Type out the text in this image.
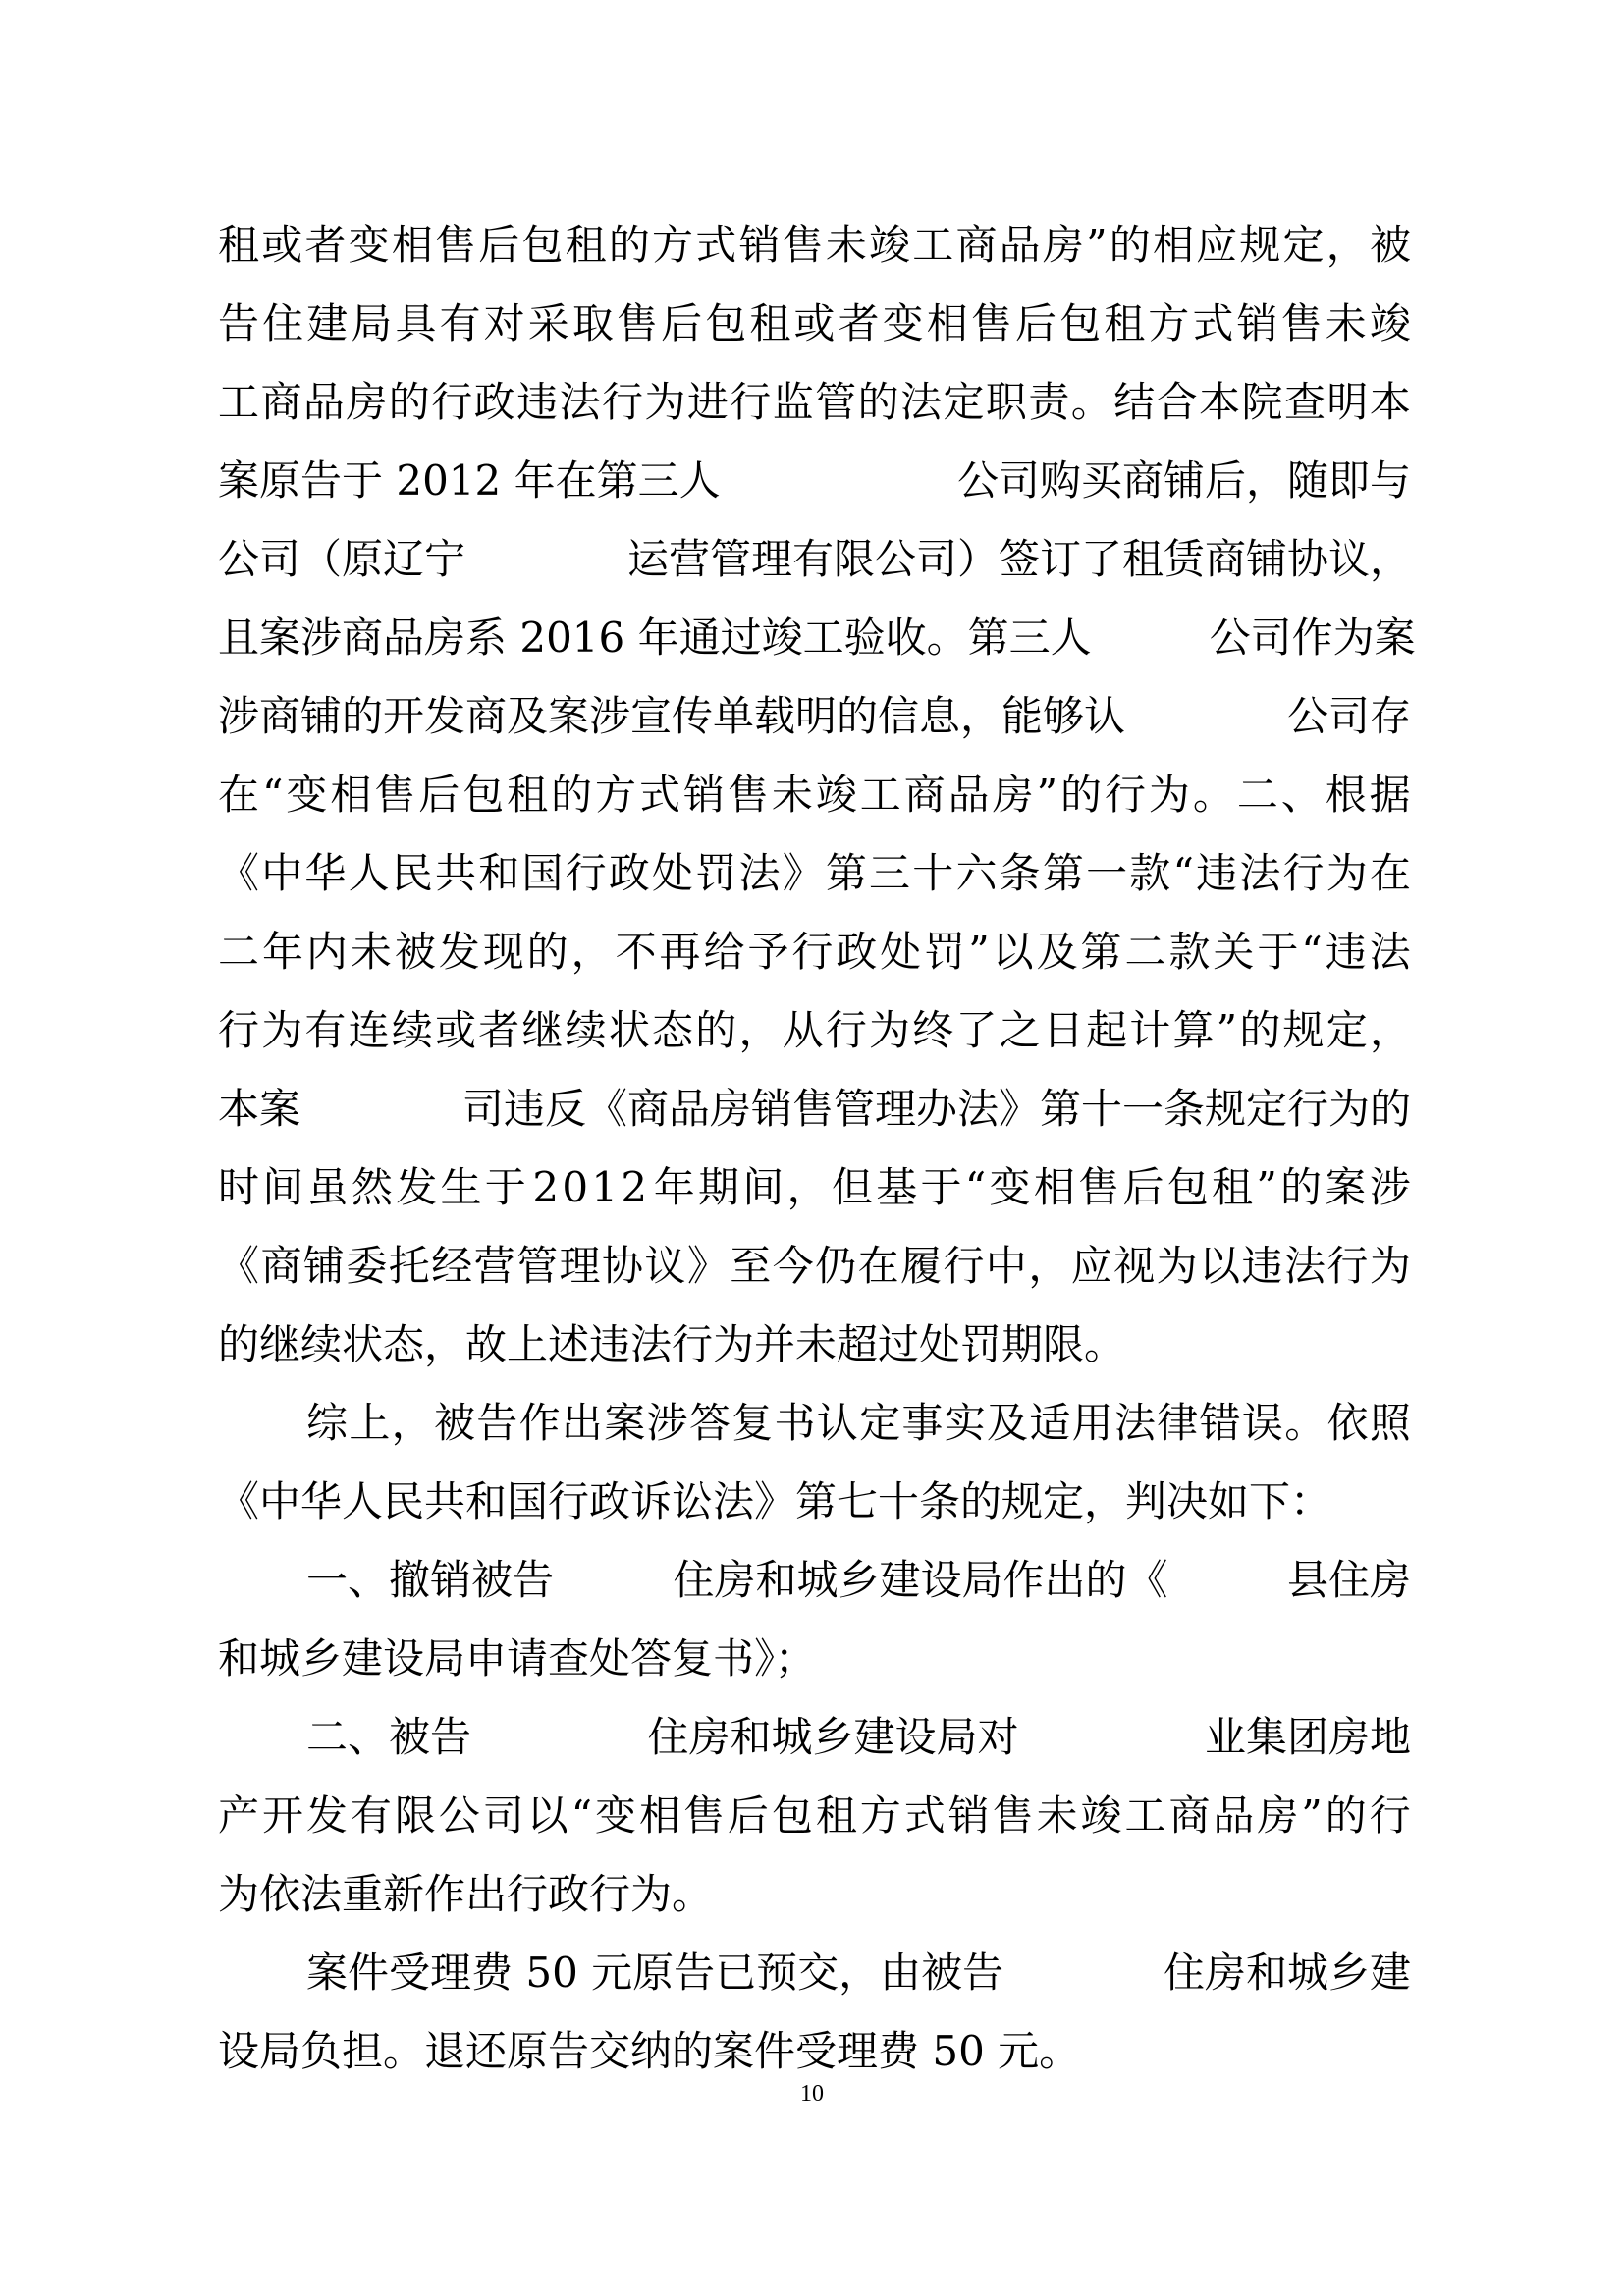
租 或 者 变 相 售 后 包 租 的 方 式 销 售 未 竣 工 商 品 房 ” 的 相 应 规 定 ， 被
告 住 建 局 具 有 对 采 取 售 后 包 租 或 者 变 相 售 后 包 租 方 式 销 售 未 竣
工 商 品 房 的 行 政 违 法 行 为 进 行 监 管 的 法 定 职 责 。 结 合 本 院 查 明 本
案原告于 2012 年在第三人	公司购买商铺后，随即与
公司（原辽宁	运营管理有限公司）签订了租赁商铺协议，
且案涉商品房系 2016 年通过竣工验收。第三人	公司作为案
涉商铺的开发商及案涉宣传单载明的信息，能够认	公司存
在 “ 变 相 售 后 包 租 的 方 式 销 售 未 竣 工 商 品 房 ” 的 行 为 。 二 、 根 据
《 中 华 人 民 共 和 国 行 政 处 罚 法 》 第 三 十 六 条 第 一 款 “ 违 法 行 为 在
二 年 内 未 被 发 现 的 ， 不 再 给 予 行 政 处 罚 ” 以 及 第 二 款 关 于 “ 违 法
行 为 有 连 续 或 者 继 续 状 态 的 ， 从 行 为 终 了 之 日 起 计 算 ” 的 规 定 ，
本案	司违反《商品房销售管理办法》第十一条规定行为的
时 间 虽 然 发 生 于 2 0 1 2 年 期 间 ， 但 基 于 “ 变 相 售 后 包 租 ” 的 案 涉
《 商 铺 委 托 经 营 管 理 协 议 》 至 今 仍 在 履 行 中 ， 应 视 为 以 违 法 行 为
的继续状态，故上述违法行为并未超过处罚期限。
综 上 ， 被 告 作 出 案 涉 答 复 书 认 定 事 实 及 适 用 法 律 错 误 。 依 照
《中华人民共和国行政诉讼法》第七十条的规定，判决如下：
一、撤销被告	住房和城乡建设局作出的《	县住房
和城乡建设局申请查处答复书》；
二、被告	住房和城乡建设局对	业集团房地
产 开 发 有 限 公 司 以 “ 变 相 售 后 包 租 方 式 销 售 未 竣 工 商 品 房 ” 的 行
为依法重新作出行政行为。
案件受理费 50 元原告已预交，由被告	住房和城乡建
设局负担。退还原告交纳的案件受理费 50 元。
10
